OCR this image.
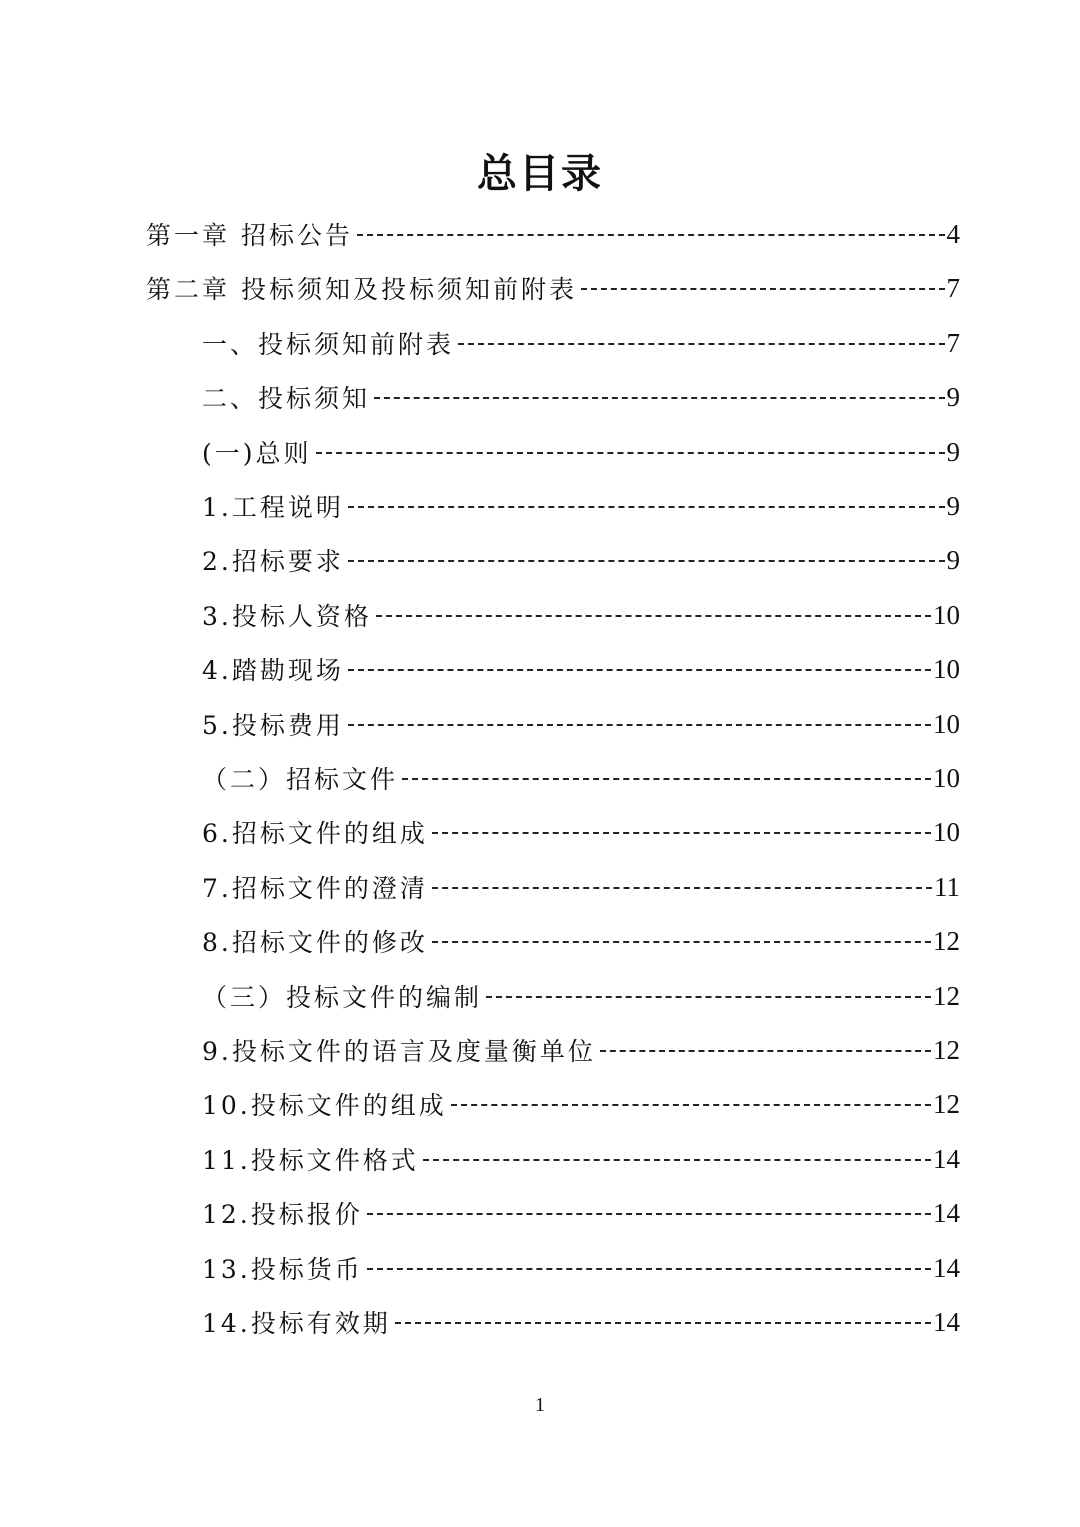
总目录
第一章 招标公告	4
第二章 投标须知及投标须知前附表	7
一、投标须知前附表	7
二、投标须知	9
(一)总则	9
1.工程说明	9
2.招标要求	9
3.投标人资格	10
4.踏勘现场	10
5.投标费用	10
（二）招标文件	10
6.招标文件的组成	10
7.招标文件的澄清	11
8.招标文件的修改	12
（三）投标文件的编制	12
9.投标文件的语言及度量衡单位	12
10.投标文件的组成	12
11.投标文件格式	14
12.投标报价	14
13.投标货币	14
14.投标有效期	14
1
